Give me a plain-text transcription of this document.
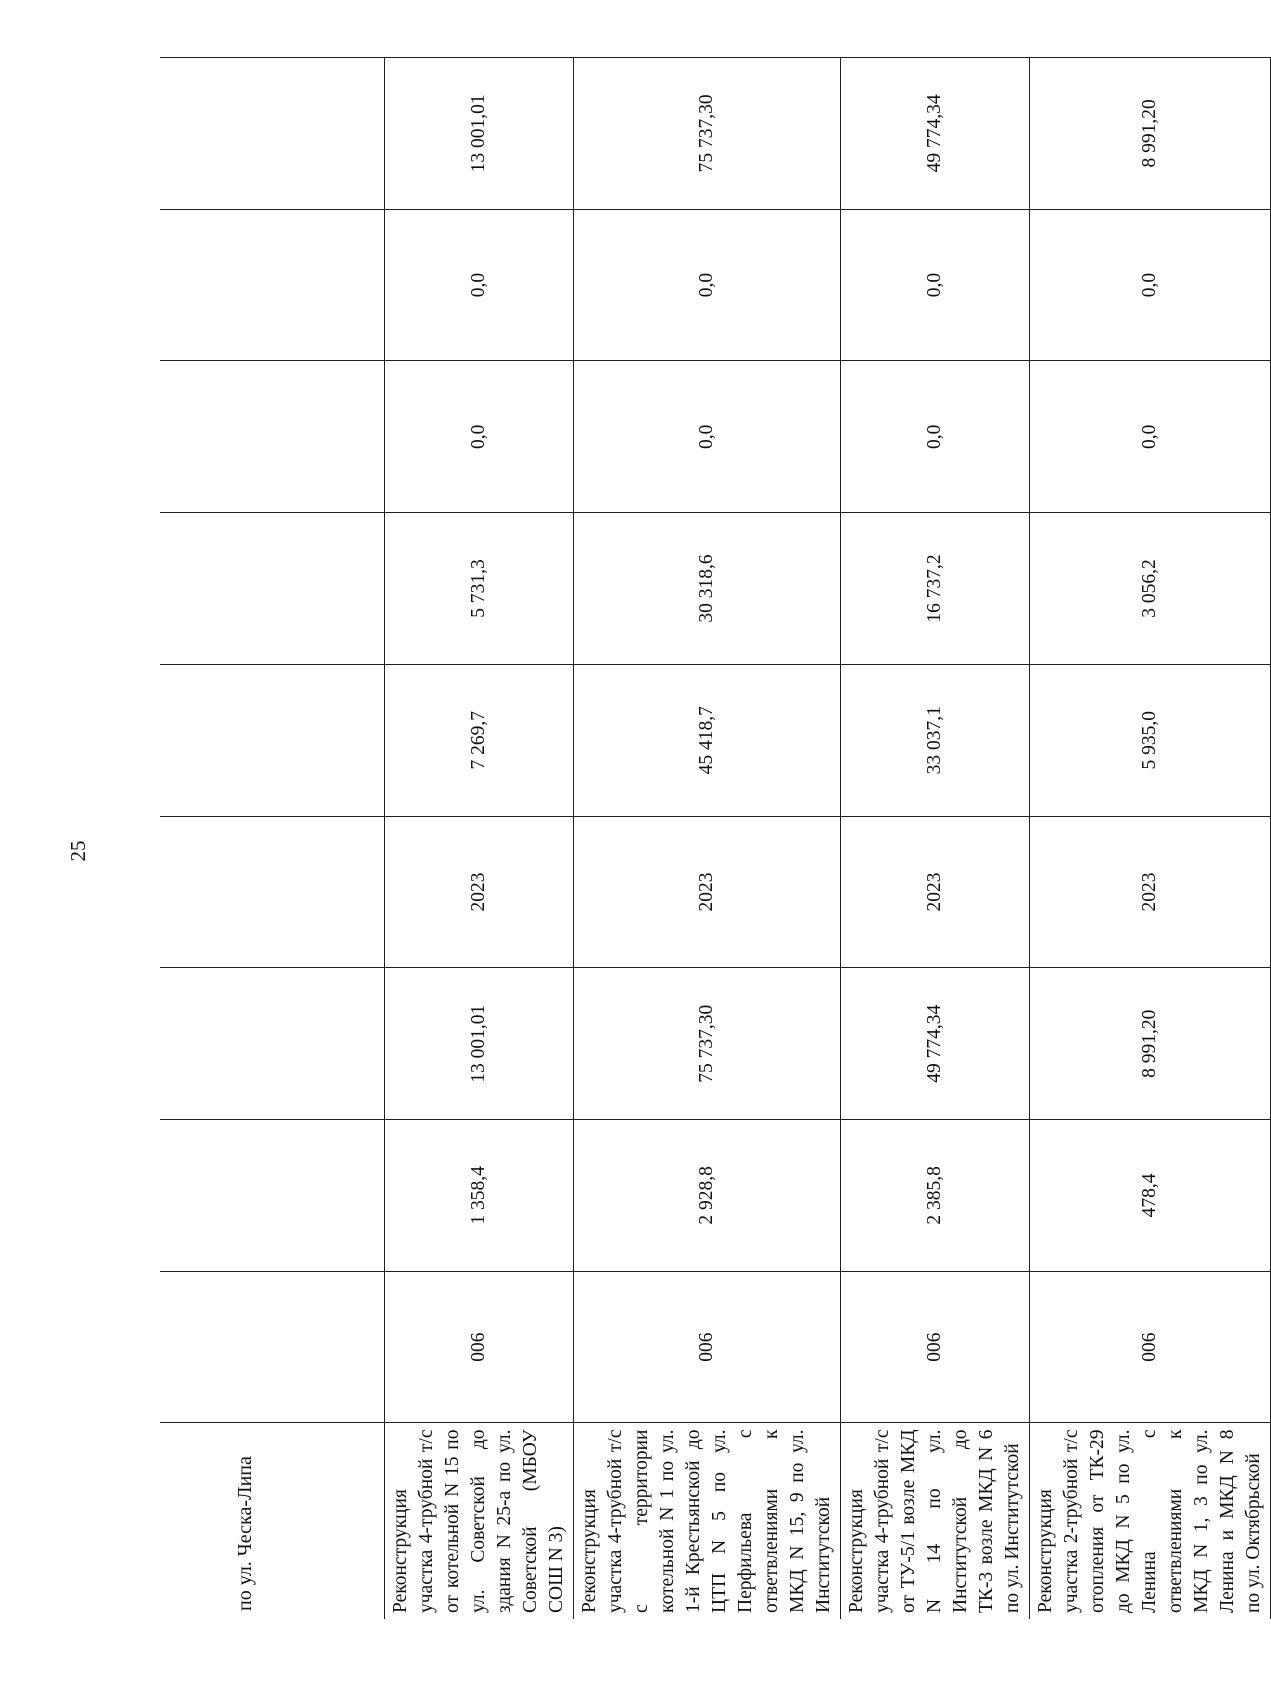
25
по ул. Ческа-Липа									
Реконструкция участка 4-трубной т/с от котельной N 15 по ул. Советской до здания N 25-а по ул. Советской (МБОУ СОШ N 3)	006	1 358,4	13 001,01	2023	7 269,7	5 731,3	0,0	0,0	13 001,01
Реконструкция участка 4-трубной т/с с территории котельной N 1 по ул. 1-й Крестьянской до ЦТП N 5 по ул. Перфильева с ответвлениями к МКД N 15, 9 по ул. Институтской	006	2 928,8	75 737,30	2023	45 418,7	30 318,6	0,0	0,0	75 737,30
Реконструкция участка 4-трубной т/с от ТУ-5/1 возле МКД N 14 по ул. Институтской до ТК-3 возле МКД N 6 по ул. Институтской	006	2 385,8	49 774,34	2023	33 037,1	16 737,2	0,0	0,0	49 774,34
Реконструкция участка 2-трубной т/с отопления от ТК-29 до МКД N 5 по ул. Ленина с ответвлениями к МКД N 1, 3 по ул. Ленина и МКД N 8 по ул. Октябрьской	006	478,4	8 991,20	2023	5 935,0	3 056,2	0,0	0,0	8 991,20
